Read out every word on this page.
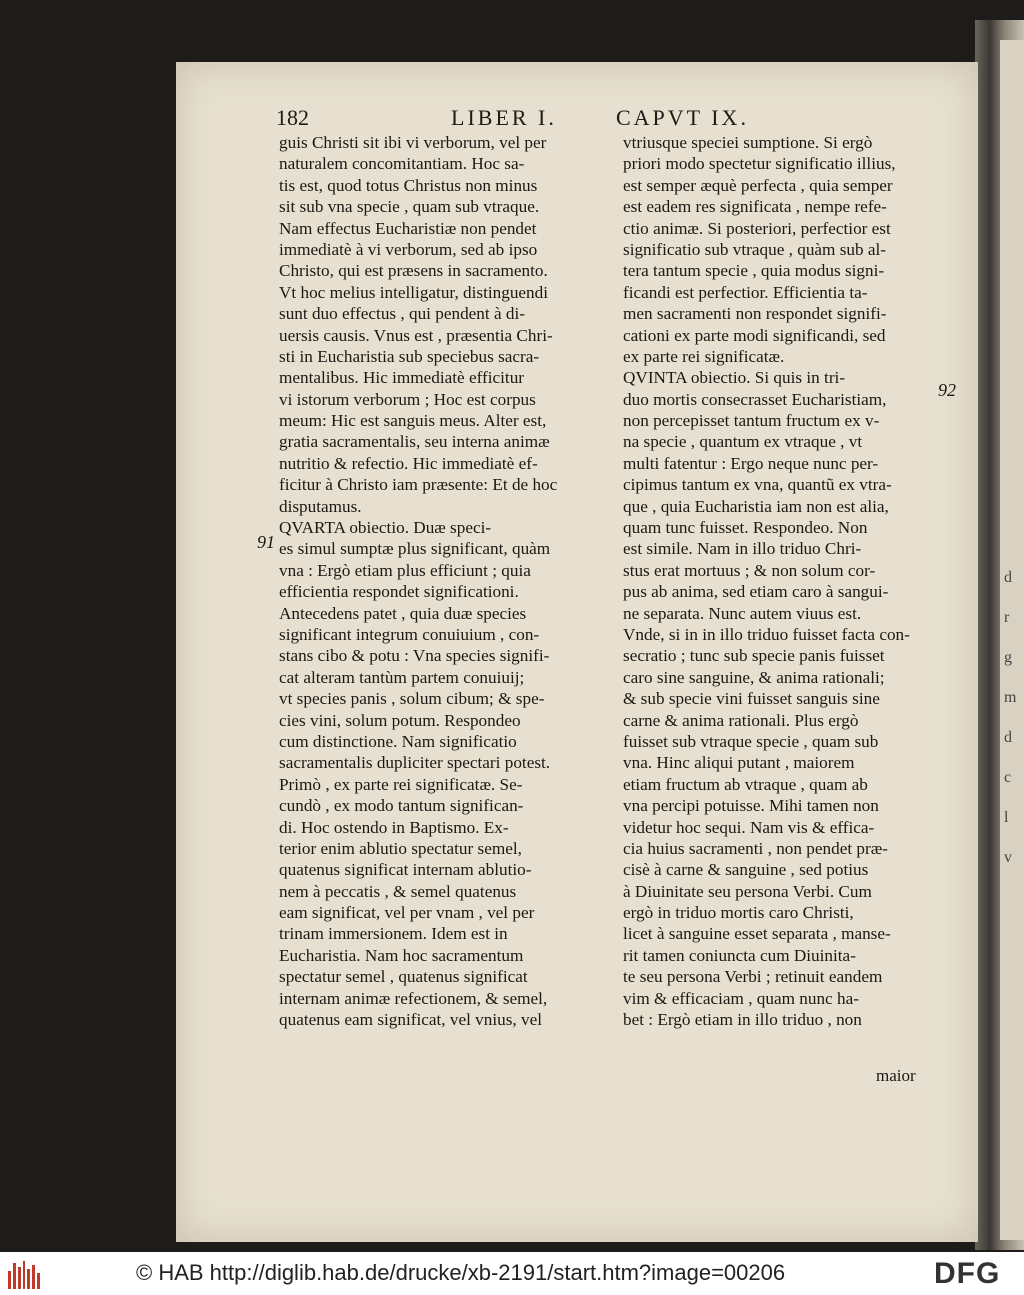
d
r
g
m
d
c
l
v
182	LIBER I.	CAPVT IX.
guis Christi sit ibi vi verborum, vel per
naturalem concomitantiam. Hoc sa-
tis est, quod totus Christus non minus
sit sub vna specie , quam sub vtraque.
Nam effectus Eucharistiæ non pendet
immediatè à vi verborum, sed ab ipso
Christo, qui est præsens in sacramento.
Vt hoc melius intelligatur, distinguendi
sunt duo effectus , qui pendent à di-
uersis causis. Vnus est , præsentia Chri-
sti in Eucharistia sub speciebus sacra-
mentalibus. Hic immediatè efficitur
vi istorum verborum ; Hoc est corpus
meum: Hic est sanguis meus. Alter est,
gratia sacramentalis, seu interna animæ
nutritio & refectio. Hic immediatè ef-
ficitur à Christo iam præsente: Et de hoc
disputamus.
QVARTA obiectio. Duæ speci-
es simul sumptæ plus significant, quàm
vna : Ergò etiam plus efficiunt ; quia
efficientia respondet significationi.
Antecedens patet , quia duæ species
significant integrum conuiuium , con-
stans cibo & potu : Vna species signifi-
cat alteram tantùm partem conuiuij;
vt species panis , solum cibum; & spe-
cies vini, solum potum. Respondeo
cum distinctione. Nam significatio
sacramentalis dupliciter spectari potest.
Primò , ex parte rei significatæ. Se-
cundò , ex modo tantum significan-
di. Hoc ostendo in Baptismo. Ex-
terior enim ablutio spectatur semel,
quatenus significat internam ablutio-
nem à peccatis , & semel quatenus
eam significat, vel per vnam , vel per
trinam immersionem. Idem est in
Eucharistia. Nam hoc sacramentum
spectatur semel , quatenus significat
internam animæ refectionem, & semel,
quatenus eam significat, vel vnius, vel
vtriusque speciei sumptione. Si ergò
priori modo spectetur significatio illius,
est semper æquè perfecta , quia semper
est eadem res significata , nempe refe-
ctio animæ. Si posteriori, perfectior est
significatio sub vtraque , quàm sub al-
tera tantum specie , quia modus signi-
ficandi est perfectior. Efficientia ta-
men sacramenti non respondet signifi-
cationi ex parte modi significandi, sed
ex parte rei significatæ.
QVINTA obiectio. Si quis in tri-
duo mortis consecrasset Eucharistiam,
non percepisset tantum fructum ex v-
na specie , quantum ex vtraque , vt
multi fatentur : Ergo neque nunc per-
cipimus tantum ex vna, quantũ ex vtra-
que , quia Eucharistia iam non est alia,
quam tunc fuisset. Respondeo. Non
est simile. Nam in illo triduo Chri-
stus erat mortuus ; & non solum cor-
pus ab anima, sed etiam caro à sangui-
ne separata. Nunc autem viuus est.
Vnde, si in in illo triduo fuisset facta con-
secratio ; tunc sub specie panis fuisset
caro sine sanguine, & anima rationali;
& sub specie vini fuisset sanguis sine
carne & anima rationali. Plus ergò
fuisset sub vtraque specie , quam sub
vna. Hinc aliqui putant , maiorem
etiam fructum ab vtraque , quam ab
vna percipi potuisse. Mihi tamen non
videtur hoc sequi. Nam vis & effica-
cia huius sacramenti , non pendet præ-
cisè à carne & sanguine , sed potius
à Diuinitate seu persona Verbi. Cum
ergò in triduo mortis caro Christi,
licet à sanguine esset separata , manse-
rit tamen coniuncta cum Diuinita-
te seu persona Verbi ; retinuit eandem
vim & efficaciam , quam nunc ha-
bet : Ergò etiam in illo triduo , non
91
92
maior
© HAB http://diglib.hab.de/drucke/xb-2191/start.htm?image=00206	DFG
